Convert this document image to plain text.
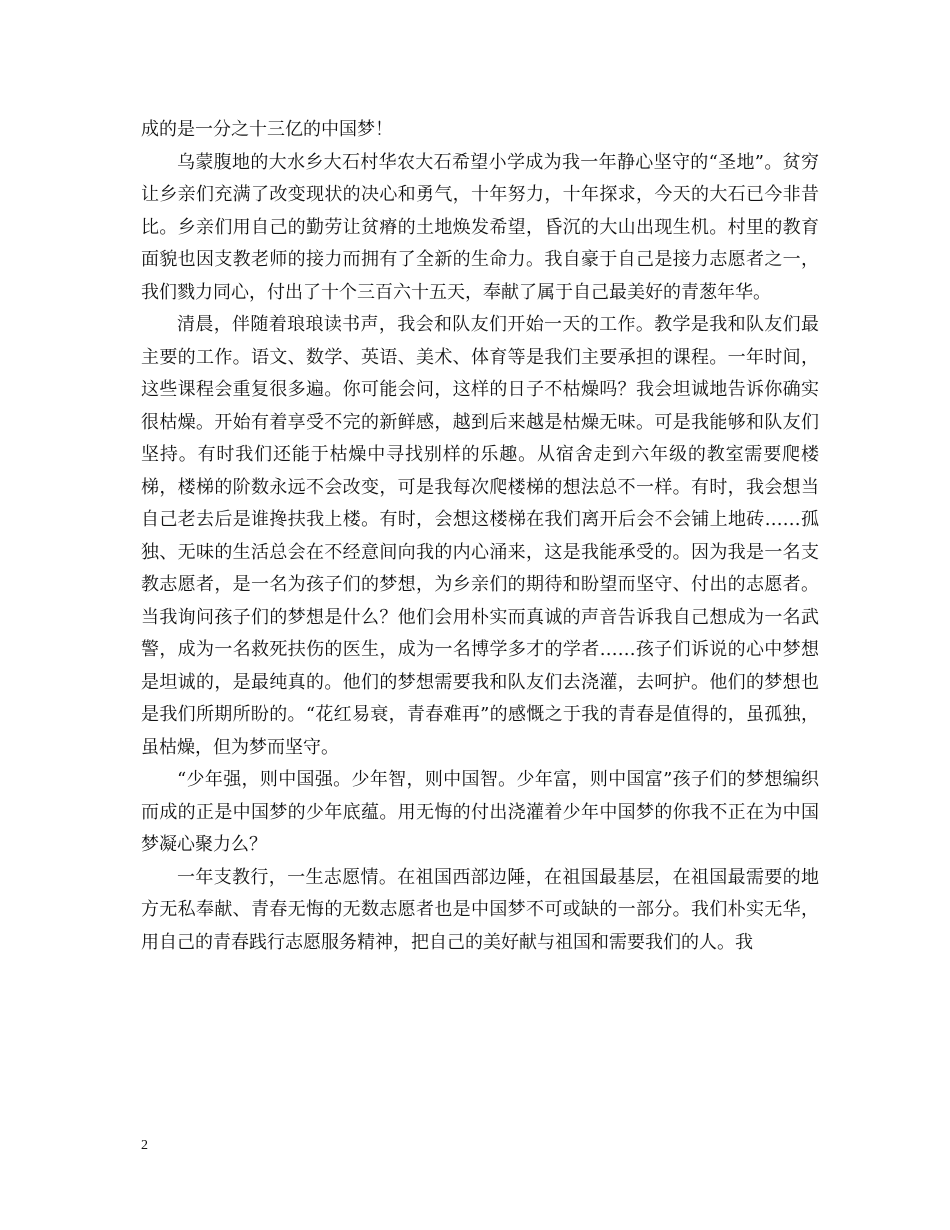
成的是一分之十三亿的中国梦！

乌蒙腹地的大水乡大石村华农大石希望小学成为我一年静心坚守的“圣地”。贫穷让乡亲们充满了改变现状的决心和勇气，十年努力，十年探求，今天的大石已今非昔比。乡亲们用自己的勤劳让贫瘠的土地焕发希望，昏沉的大山出现生机。村里的教育面貌也因支教老师的接力而拥有了全新的生命力。我自豪于自己是接力志愿者之一，我们戮力同心，付出了十个三百六十五天，奉献了属于自己最美好的青葱年华。

清晨，伴随着琅琅读书声，我会和队友们开始一天的工作。教学是我和队友们最主要的工作。语文、数学、英语、美术、体育等是我们主要承担的课程。一年时间，这些课程会重复很多遍。你可能会问，这样的日子不枯燥吗？我会坦诚地告诉你确实很枯燥。开始有着享受不完的新鲜感，越到后来越是枯燥无味。可是我能够和队友们坚持。有时我们还能于枯燥中寻找别样的乐趣。从宿舍走到六年级的教室需要爬楼梯，楼梯的阶数永远不会改变，可是我每次爬楼梯的想法总不一样。有时，我会想当自己老去后是谁搀扶我上楼。有时，会想这楼梯在我们离开后会不会铺上地砖……孤独、无味的生活总会在不经意间向我的内心涌来，这是我能承受的。因为我是一名支教志愿者，是一名为孩子们的梦想，为乡亲们的期待和盼望而坚守、付出的志愿者。当我询问孩子们的梦想是什么？他们会用朴实而真诚的声音告诉我自己想成为一名武警，成为一名救死扶伤的医生，成为一名博学多才的学者……孩子们诉说的心中梦想是坦诚的，是最纯真的。他们的梦想需要我和队友们去浇灌，去呵护。他们的梦想也是我们所期所盼的。“花红易衰，青春难再”的感慨之于我的青春是值得的，虽孤独，虽枯燥，但为梦而坚守。

“少年强，则中国强。少年智，则中国智。少年富，则中国富”孩子们的梦想编织而成的正是中国梦的少年底蕴。用无悔的付出浇灌着少年中国梦的你我不正在为中国梦凝心聚力么？

一年支教行，一生志愿情。在祖国西部边陲，在祖国最基层，在祖国最需要的地方无私奉献、青春无悔的无数志愿者也是中国梦不可或缺的一部分。我们朴实无华，用自己的青春践行志愿服务精神，把自己的美好献与祖国和需要我们的人。我

2
